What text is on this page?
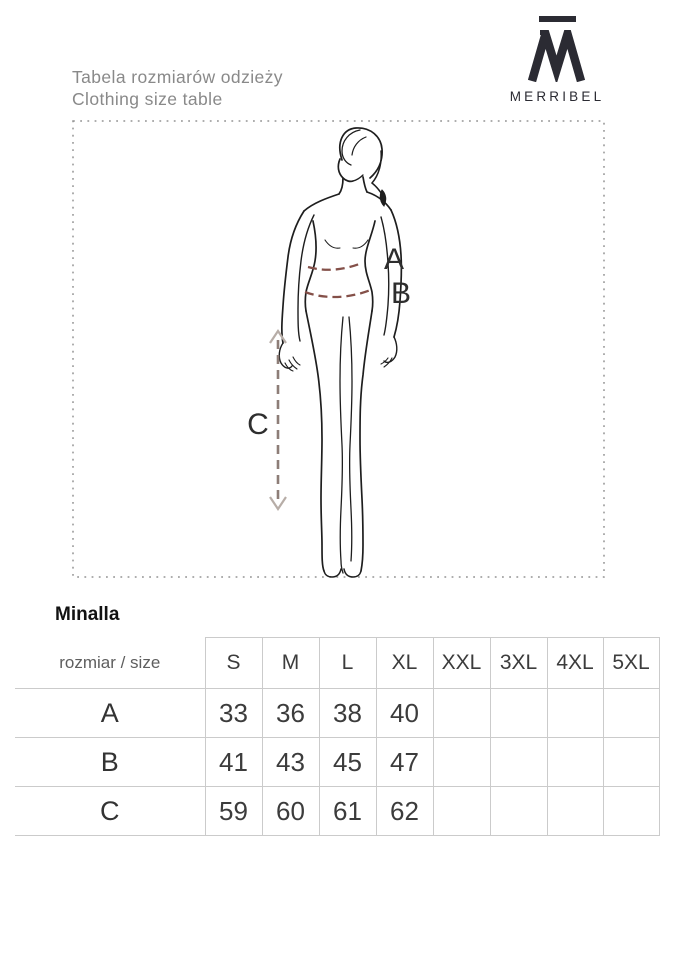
MERRIBEL
Tabela rozmiarów odzieży
Clothing size table
A
B
C
Minalla
rozmiar / size	S	M	L	XL	XXL	3XL	4XL	5XL
A	33	36	38	40				
B	41	43	45	47				
C	59	60	61	62				
